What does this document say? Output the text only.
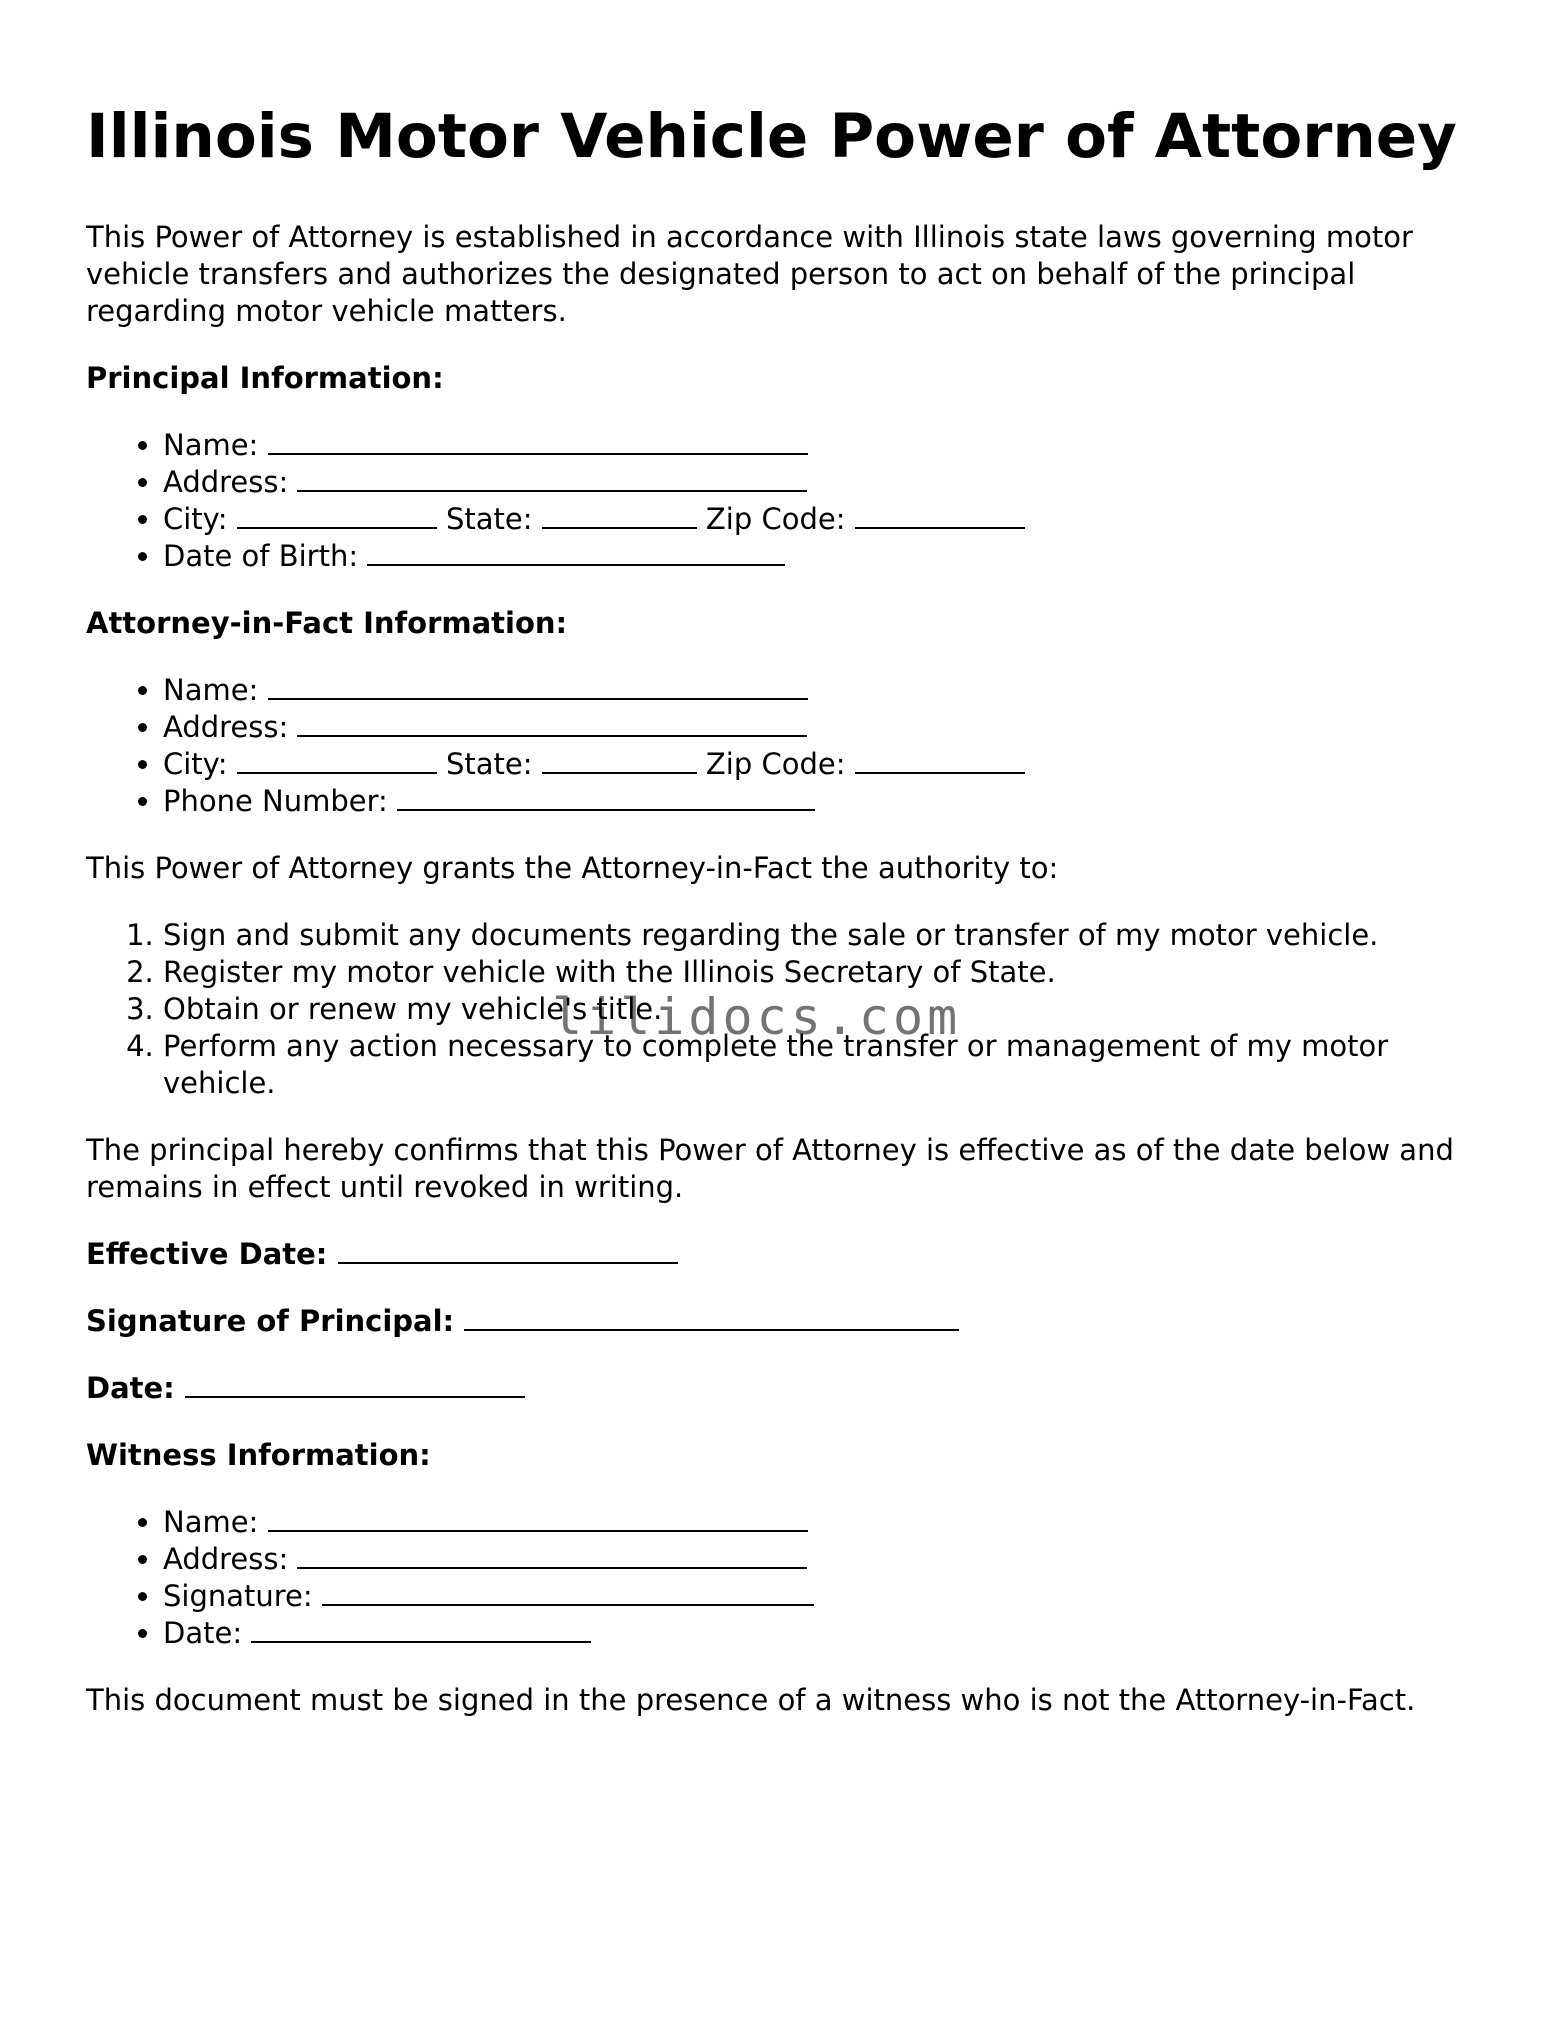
Illinois Motor Vehicle Power of Attorney

This Power of Attorney is established in accordance with Illinois state laws governing motor vehicle transfers and authorizes the designated person to act on behalf of the principal regarding motor vehicle matters.

Principal Information:
• Name:
• Address:
• City:	State:	Zip Code:
• Date of Birth:
Attorney-in-Fact Information:
• Name:
• Address:
• City:	State:	Zip Code:
• Phone Number:

This Power of Attorney grants the Attorney-in-Fact the authority to:

1. Sign and submit any documents regarding the sale or transfer of my motor vehicle.
2. Register my motor vehicle with the Illinois Secretary of State.
3. Obtain or renew my vehicle's title.
4. Perform any action necessary to complete the transfer or management of my motor vehicle.

The principal hereby confirms that this Power of Attorney is effective as of the date below and remains in effect until revoked in writing.

Effective Date:
Signature of Principal:
Date:
Witness Information:
• Name:
• Address:
• Signature:
• Date:

This document must be signed in the presence of a witness who is not the Attorney-in-Fact.

lilidocs.com
